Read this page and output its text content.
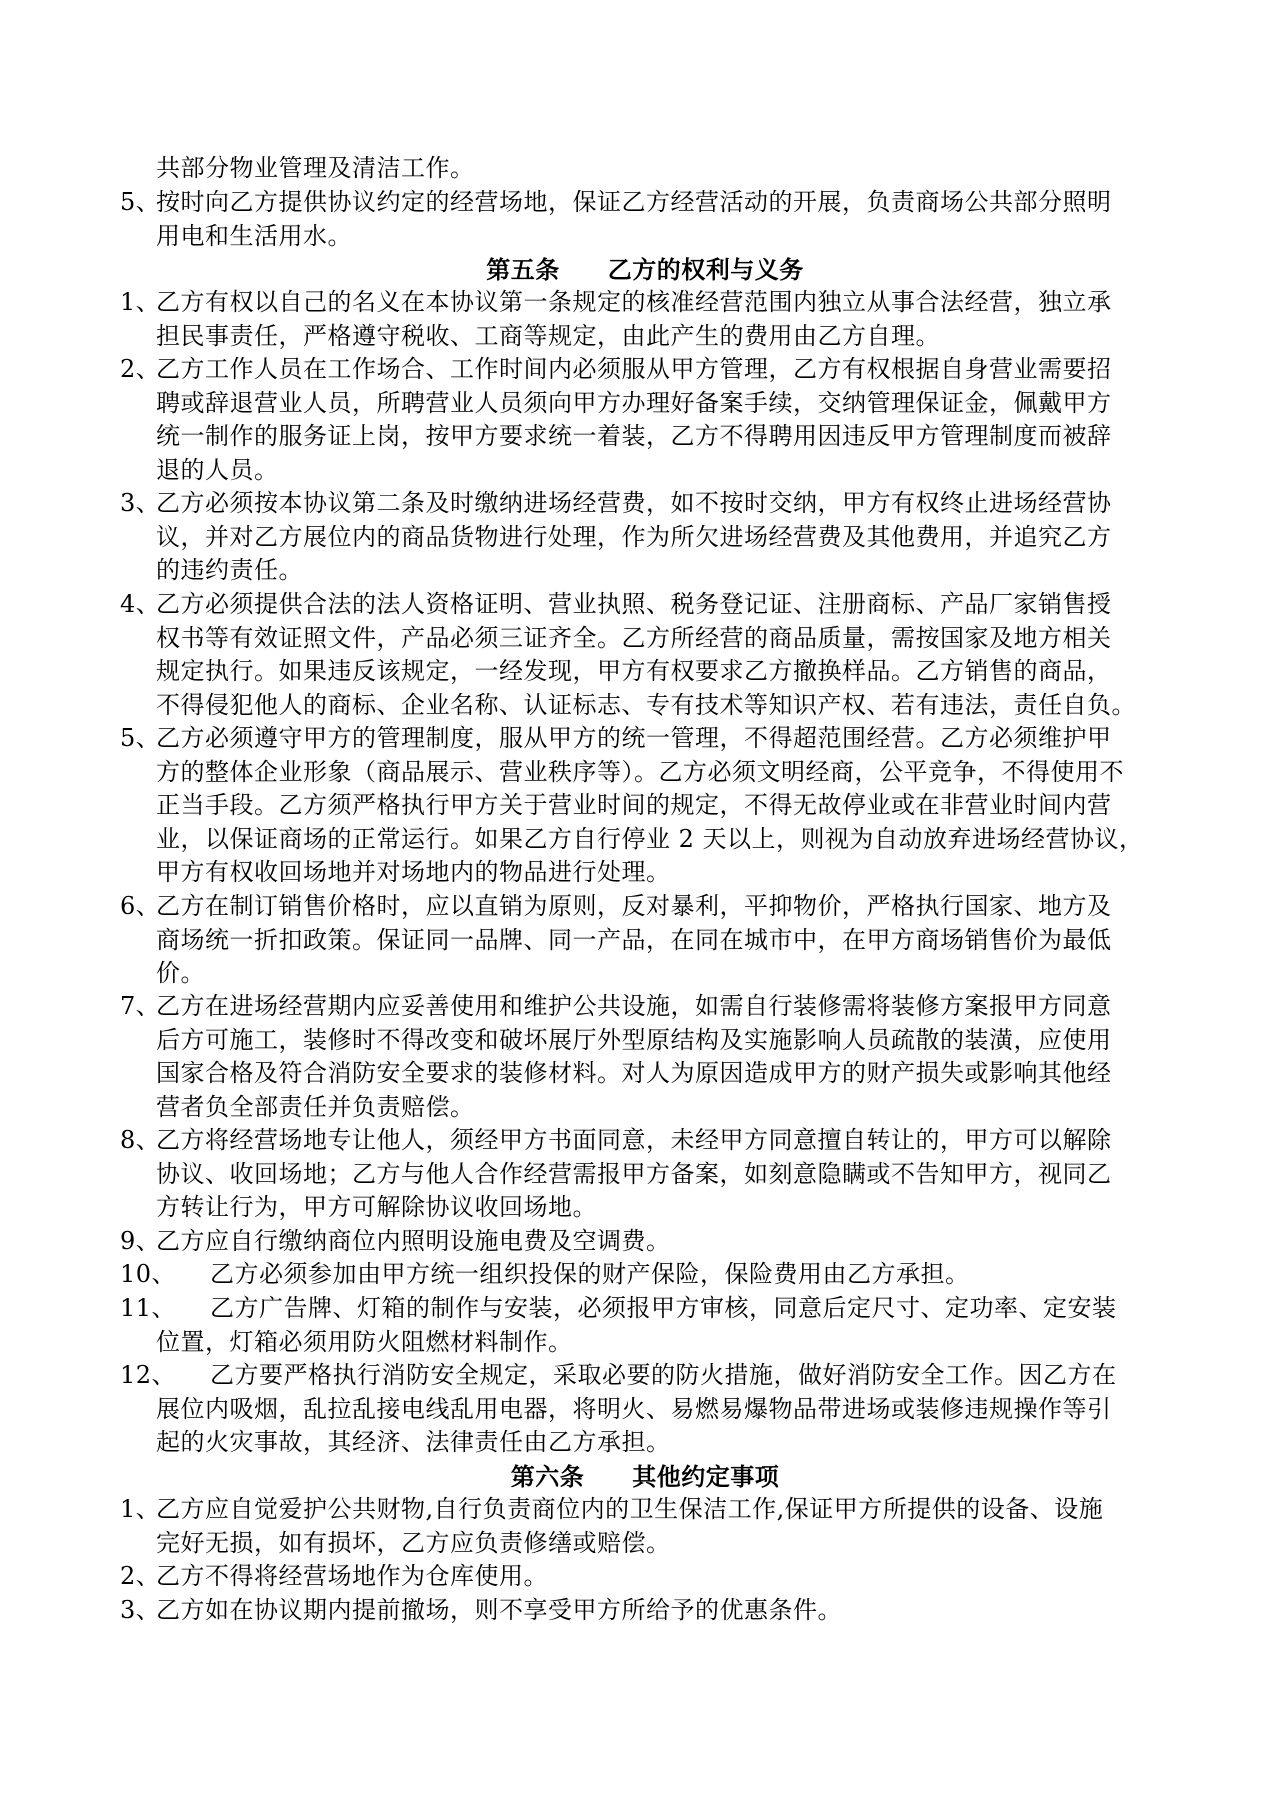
共部分物业管理及清洁工作。
5、
按时向乙方提供协议约定的经营场地，保证乙方经营活动的开展，负责商场公共部分照明
用电和生活用水。
第五条 乙方的权利与义务
1、
乙方有权以自己的名义在本协议第一条规定的核准经营范围内独立从事合法经营，独立承
担民事责任，严格遵守税收、工商等规定，由此产生的费用由乙方自理。
2、
乙方工作人员在工作场合、工作时间内必须服从甲方管理，乙方有权根据自身营业需要招
聘或辞退营业人员，所聘营业人员须向甲方办理好备案手续，交纳管理保证金，佩戴甲方
统一制作的服务证上岗，按甲方要求统一着装，乙方不得聘用因违反甲方管理制度而被辞
退的人员。
3、
乙方必须按本协议第二条及时缴纳进场经营费，如不按时交纳，甲方有权终止进场经营协
议，并对乙方展位内的商品货物进行处理，作为所欠进场经营费及其他费用，并追究乙方
的违约责任。
4、
乙方必须提供合法的法人资格证明、营业执照、税务登记证、注册商标、产品厂家销售授
权书等有效证照文件，产品必须三证齐全。乙方所经营的商品质量，需按国家及地方相关
规定执行。如果违反该规定，一经发现，甲方有权要求乙方撤换样品。乙方销售的商品，
不得侵犯他人的商标、企业名称、认证标志、专有技术等知识产权、若有违法，责任自负。
5、
乙方必须遵守甲方的管理制度，服从甲方的统一管理，不得超范围经营。乙方必须维护甲
方的整体企业形象（商品展示、营业秩序等）。乙方必须文明经商，公平竞争，不得使用不
正当手段。乙方须严格执行甲方关于营业时间的规定，不得无故停业或在非营业时间内营
业，以保证商场的正常运行。如果乙方自行停业 2 天以上，则视为自动放弃进场经营协议，
甲方有权收回场地并对场地内的物品进行处理。
6、
乙方在制订销售价格时，应以直销为原则，反对暴利，平抑物价，严格执行国家、地方及
商场统一折扣政策。保证同一品牌、同一产品，在同在城市中，在甲方商场销售价为最低
价。
7、
乙方在进场经营期内应妥善使用和维护公共设施，如需自行装修需将装修方案报甲方同意
后方可施工，装修时不得改变和破坏展厅外型原结构及实施影响人员疏散的装潢，应使用
国家合格及符合消防安全要求的装修材料。对人为原因造成甲方的财产损失或影响其他经
营者负全部责任并负责赔偿。
8、
乙方将经营场地专让他人，须经甲方书面同意，未经甲方同意擅自转让的，甲方可以解除
协议、收回场地；乙方与他人合作经营需报甲方备案，如刻意隐瞒或不告知甲方，视同乙
方转让行为，甲方可解除协议收回场地。
9、
乙方应自行缴纳商位内照明设施电费及空调费。
10、	乙方必须参加由甲方统一组织投保的财产保险，保险费用由乙方承担。
11、	乙方广告牌、灯箱的制作与安装，必须报甲方审核，同意后定尺寸、定功率、定安装
位置，灯箱必须用防火阻燃材料制作。
12、	乙方要严格执行消防安全规定，采取必要的防火措施，做好消防安全工作。因乙方在
展位内吸烟，乱拉乱接电线乱用电器，将明火、易燃易爆物品带进场或装修违规操作等引
起的火灾事故，其经济、法律责任由乙方承担。
第六条 其他约定事项
1、
乙方应自觉爱护公共财物,自行负责商位内的卫生保洁工作,保证甲方所提供的设备、设施
完好无损，如有损坏，乙方应负责修缮或赔偿。
2、
乙方不得将经营场地作为仓库使用。
3、
乙方如在协议期内提前撤场，则不享受甲方所给予的优惠条件。
